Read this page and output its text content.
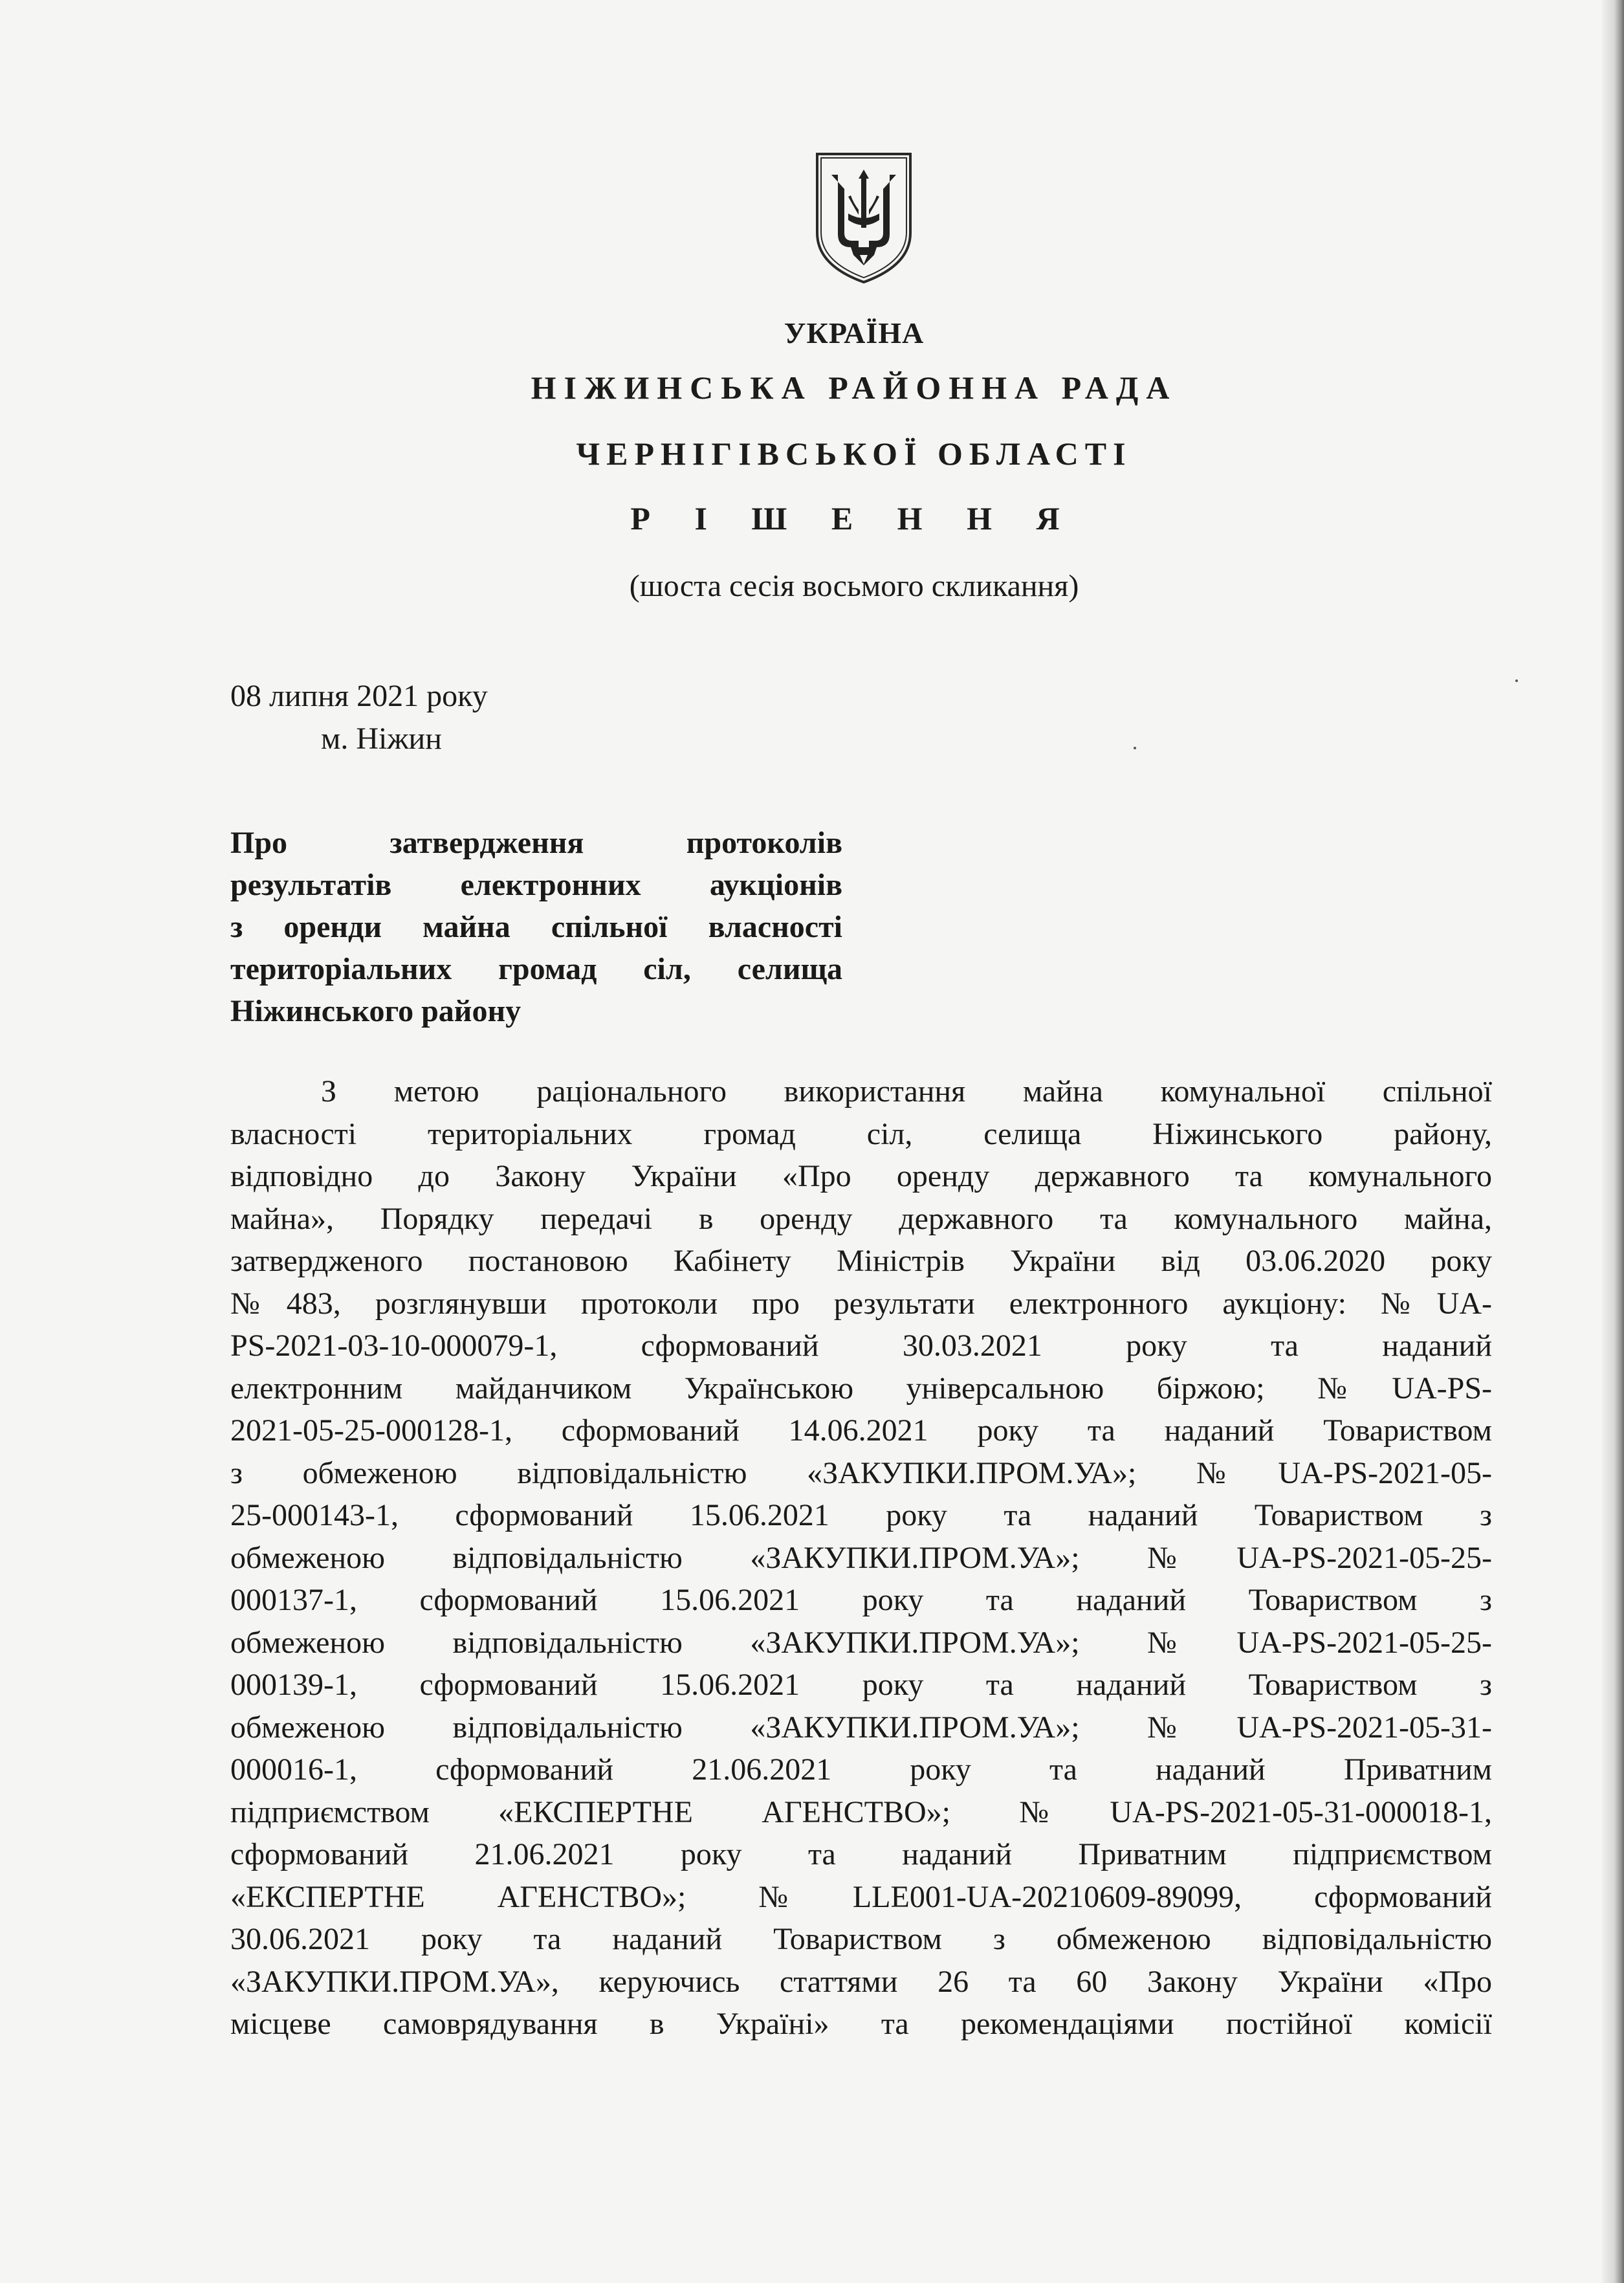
УКРАЇНА
НІЖИНСЬКА РАЙОННА РАДА
ЧЕРНІГІВСЬКОЇ ОБЛАСТІ
Р І Ш Е Н Н Я
(шоста сесія восьмого скликання)
08 липня 2021 року
м. Ніжин
Про затвердження протоколів
результатів електронних аукціонів
з оренди майна спільної власності
територіальних громад сіл, селища
Ніжинського району
З метою раціонального використання майна комунальної спільної
власності територіальних громад сіл, селища Ніжинського району,
відповідно до Закону України «Про оренду державного та комунального
майна», Порядку передачі в оренду державного та комунального майна,
затвердженого постановою Кабінету Міністрів України від 03.06.2020 року
№483, розглянувши протоколи про результати електронного аукціону: №UA-
PS-2021-03-10-000079-1, сформований 30.03.2021 року та наданий
електронним майданчиком Українською універсальною біржою; №UA-PS-
2021-05-25-000128-1, сформований 14.06.2021 року та наданий Товариством
з обмеженою відповідальністю «ЗАКУПКИ.ПРОМ.УА»; №UA-PS-2021-05-
25-000143-1, сформований 15.06.2021 року та наданий Товариством з
обмеженою відповідальністю «ЗАКУПКИ.ПРОМ.УА»; №UA-PS-2021-05-25-
000137-1, сформований 15.06.2021 року та наданий Товариством з
обмеженою відповідальністю «ЗАКУПКИ.ПРОМ.УА»; №UA-PS-2021-05-25-
000139-1, сформований 15.06.2021 року та наданий Товариством з
обмеженою відповідальністю «ЗАКУПКИ.ПРОМ.УА»; №UA-PS-2021-05-31-
000016-1, сформований 21.06.2021 року та наданий Приватним
підприємством «ЕКСПЕРТНЕ АГЕНСТВО»; №UA-PS-2021-05-31-000018-1,
сформований 21.06.2021 року та наданий Приватним підприємством
«ЕКСПЕРТНЕ АГЕНСТВО»; №LLE001-UA-20210609-89099, сформований
30.06.2021 року та наданий Товариством з обмеженою відповідальністю
«ЗАКУПКИ.ПРОМ.УА», керуючись статтями 26 та 60 Закону України «Про
місцеве самоврядування в Україні» та рекомендаціями постійної комісії
